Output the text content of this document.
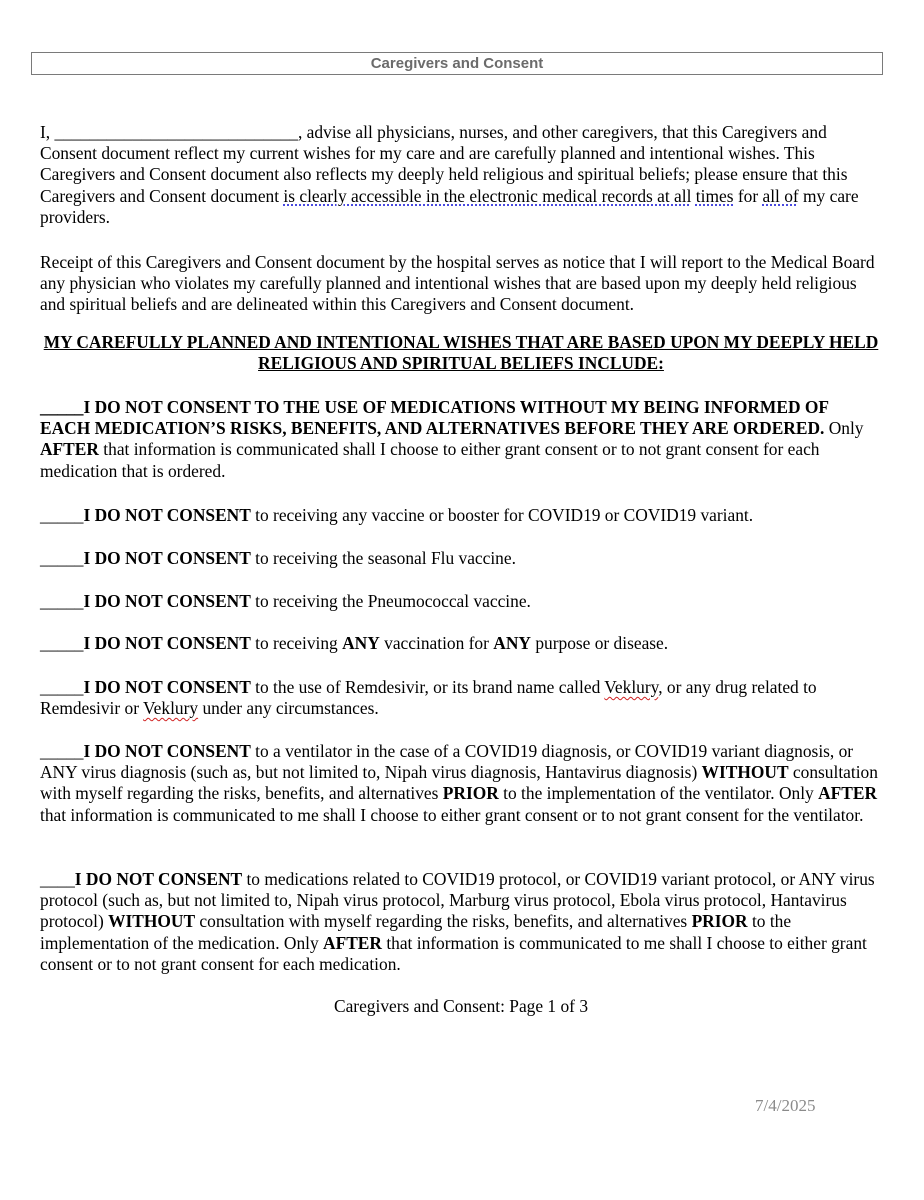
Caregivers and Consent
I, ____________________________, advise all physicians, nurses, and other caregivers, that this Caregivers and Consent document reflect my current wishes for my care and are carefully planned and intentional wishes. This Caregivers and Consent document also reflects my deeply held religious and spiritual beliefs; please ensure that this Caregivers and Consent document is clearly accessible in the electronic medical records at all times for all of my care providers.
Receipt of this Caregivers and Consent document by the hospital serves as notice that I will report to the Medical Board any physician who violates my carefully planned and intentional wishes that are based upon my deeply held religious and spiritual beliefs and are delineated within this Caregivers and Consent document.
MY CAREFULLY PLANNED AND INTENTIONAL WISHES THAT ARE BASED UPON MY DEEPLY HELD RELIGIOUS AND SPIRITUAL BELIEFS INCLUDE:
_____I DO NOT CONSENT TO THE USE OF MEDICATIONS WITHOUT MY BEING INFORMED OF EACH MEDICATION’S RISKS, BENEFITS, AND ALTERNATIVES BEFORE THEY ARE ORDERED. Only AFTER that information is communicated shall I choose to either grant consent or to not grant consent for each medication that is ordered.
_____I DO NOT CONSENT to receiving any vaccine or booster for COVID19 or COVID19 variant.
_____I DO NOT CONSENT to receiving the seasonal Flu vaccine.
_____I DO NOT CONSENT to receiving the Pneumococcal vaccine.
_____I DO NOT CONSENT to receiving ANY vaccination for ANY purpose or disease.
_____I DO NOT CONSENT to the use of Remdesivir, or its brand name called Veklury, or any drug related to Remdesivir or Veklury under any circumstances.
_____I DO NOT CONSENT to a ventilator in the case of a COVID19 diagnosis, or COVID19 variant diagnosis, or ANY virus diagnosis (such as, but not limited to, Nipah virus diagnosis, Hantavirus diagnosis) WITHOUT consultation with myself regarding the risks, benefits, and alternatives PRIOR to the implementation of the ventilator. Only AFTER that information is communicated to me shall I choose to either grant consent or to not grant consent for the ventilator.
____I DO NOT CONSENT to medications related to COVID19 protocol, or COVID19 variant protocol, or ANY virus protocol (such as, but not limited to, Nipah virus protocol, Marburg virus protocol, Ebola virus protocol, Hantavirus protocol) WITHOUT consultation with myself regarding the risks, benefits, and alternatives PRIOR to the implementation of the medication. Only AFTER that information is communicated to me shall I choose to either grant consent or to not grant consent for each medication.
Caregivers and Consent: Page 1 of 3
7/4/2025
